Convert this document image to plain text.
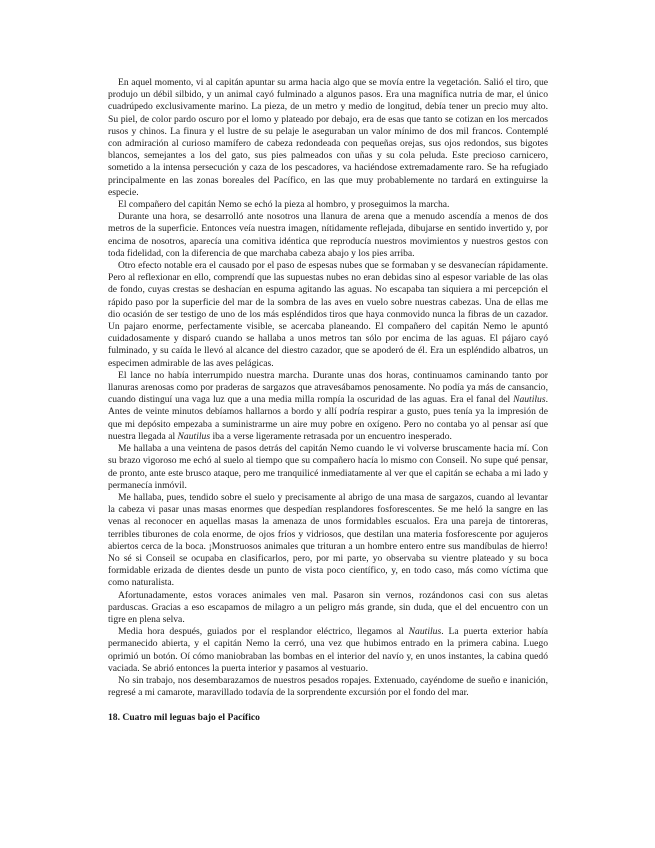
En aquel momento, vi al capitán apuntar su arma hacia algo que se movía entre la vegetación. Salió el tiro, que produjo un débil silbido, y un animal cayó fulminado a algunos pasos. Era una magnífica nutria de mar, el único cuadrúpedo exclusivamente marino. La pieza, de un metro y medio de longitud, debía tener un precio muy alto. Su piel, de color pardo oscuro por el lomo y plateado por debajo, era de esas que tanto se cotizan en los mercados rusos y chinos. La finura y el lustre de su pelaje le aseguraban un valor mínimo de dos mil francos. Contemplé con admiración al curioso mamífero de cabeza redondeada con pequeñas orejas, sus ojos redondos, sus bigotes blancos, semejantes a los del gato, sus pies palmeados con uñas y su cola peluda. Este precioso carnicero, sometido a la intensa persecución y caza de los pescadores, va haciéndose extremadamente raro. Se ha refugiado principalmente en las zonas boreales del Pacífico, en las que muy probablemente no tardará en extinguirse la especie.

El compañero del capitán Nemo se echó la pieza al hombro, y proseguimos la marcha.

Durante una hora, se desarrolló ante nosotros una llanura de arena que a menudo ascendía a menos de dos metros de la superficie. Entonces veía nuestra imagen, nítidamente reflejada, dibujarse en sentido invertido y, por encima de nosotros, aparecía una comitiva idéntica que reproducía nuestros movimientos y nuestros gestos con toda fidelidad, con la diferencia de que marchaba cabeza abajo y los pies arriba.

Otro efecto notable era el causado por el paso de espesas nubes que se formaban y se desvanecían rápidamente. Pero al reflexionar en ello, comprendí que las supuestas nubes no eran debidas sino al espesor variable de las olas de fondo, cuyas crestas se deshacían en espuma agitando las aguas. No escapaba tan siquiera a mi percepción el rápido paso por la superficie del mar de la sombra de las aves en vuelo sobre nuestras cabezas. Una de ellas me dio ocasión de ser testigo de uno de los más espléndidos tiros que haya conmovido nunca la fibras de un cazador. Un pajaro enorme, perfectamente visible, se acercaba planeando. El compañero del capitán Nemo le apuntó cuidadosamente y disparó cuando se hallaba a unos metros tan sólo por encima de las aguas. El pájaro cayó fulminado, y su caída le llevó al alcance del diestro cazador, que se apoderó de él. Era un espléndido albatros, un especimen admirable de las aves pelágicas.

El lance no había interrumpido nuestra marcha. Durante unas dos horas, continuamos caminando tanto por llanuras arenosas como por praderas de sargazos que atravesábamos penosamente. No podía ya más de cansancio, cuando distinguí una vaga luz que a una media milla rompía la oscuridad de las aguas. Era el fanal del Nautilus. Antes de veinte minutos debíamos hallarnos a bordo y allí podría respirar a gusto, pues tenía ya la impresión de que mi depósito empezaba a suministrarme un aire muy pobre en oxígeno. Pero no contaba yo al pensar así que nuestra llegada al Nautilus iba a verse ligeramente retrasada por un encuentro inesperado.

Me hallaba a una veintena de pasos detrás del capitán Nemo cuando le vi volverse bruscamente hacia mí. Con su brazo vigoroso me echó al suelo al tiempo que su compañero hacía lo mismo con Conseil. No supe qué pensar, de pronto, ante este brusco ataque, pero me tranquilicé inmediatamente al ver que el capitán se echaba a mi lado y permanecía inmóvil.

Me hallaba, pues, tendido sobre el suelo y precisamente al abrigo de una masa de sargazos, cuando al levantar la cabeza vi pasar unas masas enormes que despedían resplandores fosforescentes. Se me heló la sangre en las venas al reconocer en aquellas masas la amenaza de unos formidables escualos. Era una pareja de tintoreras, terribles tiburones de cola enorme, de ojos fríos y vidriosos, que destilan una materia fosforescente por agujeros abiertos cerca de la boca. ¡Monstruosos animales que trituran a un hombre entero entre sus mandíbulas de hierro! No sé si Conseil se ocupaba en clasificarlos, pero, por mi parte, yo observaba su vientre plateado y su boca formidable erizada de dientes desde un punto de vista poco científico, y, en todo caso, más como víctima que como naturalista.

Afortunadamente, estos voraces animales ven mal. Pasaron sin vernos, rozándonos casi con sus aletas parduscas. Gracias a eso escapamos de milagro a un peligro más grande, sin duda, que el del encuentro con un tigre en plena selva.

Media hora después, guiados por el resplandor eléctrico, llegamos al Nautilus. La puerta exterior había permanecido abierta, y el capitán Nemo la cerró, una vez que hubimos entrado en la primera cabina. Luego oprimió un botón. Oí cómo maniobraban las bombas en el interior del navío y, en unos instantes, la cabina quedó vaciada. Se abrió entonces la puerta interior y pasamos al vestuario.

No sin trabajo, nos desembarazamos de nuestros pesados ropajes. Extenuado, cayéndome de sueño e inanición, regresé a mi camarote, maravillado todavía de la sorprendente excursión por el fondo del mar.

18. Cuatro mil leguas bajo el Pacífico
